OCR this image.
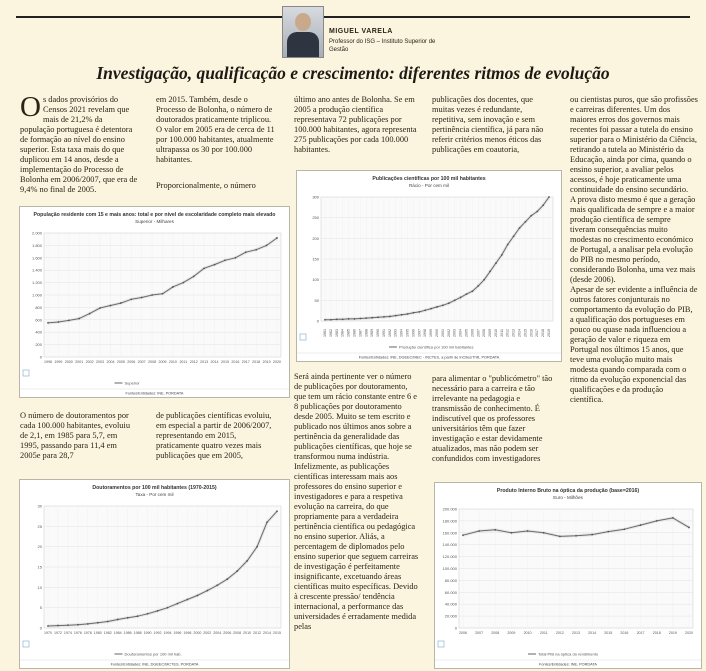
MIGUEL VARELA
Professor do ISG – Instituto Superior de Gestão
Investigação, qualificação e crescimento: diferentes ritmos de evolução
Os dados provisórios do Censos 2021 revelam que mais de 21,2% da população portuguesa é detentora de formação ao nível do ensino superior. Esta taxa mais do que duplicou em 14 anos, desde a implementação do Processo de Bolonha em 2006/2007, que era de 9,4% no final de 2005.

em 2015. Também, desde o Processo de Bolonha, o número de doutorados praticamente triplicou. O valor em 2005 era de cerca de 11 por 100.000 habitantes, atualmente ultrapassa os 30 por 100.000 habitantes.

Proporcionalmente, o número

último ano antes de Bolonha. Se em 2005 a produção científica representava 72 publicações por 100.000 habitantes, agora representa 275 publicações por cada 100.000 habitantes.

publicações dos docentes, que muitas vezes é redundante, repetitiva, sem inovação e sem pertinência científica, já para não referir critérios menos éticos das publicações em coautoria,

ou cientistas puros, que são profissões e carreiras diferentes. Um dos maiores erros dos governos mais recentes foi passar a tutela do ensino superior para o Ministério da Ciência, retirando a tutela ao Ministério da Educação, ainda por cima, quando o ensino superior, a avaliar pelos acessos, é hoje praticamente uma continuidade do ensino secundário.

A prova disto mesmo é que a geração mais qualificada de sempre e a maior produção científica de sempre tiveram consequências muito modestas no crescimento económico de Portugal, a analisar pela evolução do PIB no mesmo período, considerando Bolonha, uma vez mais (desde 2006).

Apesar de ser evidente a influência de outros fatores conjunturais no comportamento da evolução do PIB, a qualificação dos portugueses em pouco ou quase nada influenciou a geração de valor e riqueza em Portugal nos últimos 15 anos, que teve uma evolução muito mais modesta quando comparada com o ritmo da evolução exponencial das qualificações e da produção científica.

O número de doutoramentos por cada 100.000 habitantes, evoluiu de 2,1, em 1985 para 5,7, em 1995, passando para 11,4 em 2005e para 28,7

de publicações científicas evoluiu, em especial a partir de 2006/2007, representando em 2015, praticamente quatro vezes mais publicações que em 2005,

Será ainda pertinente ver o número de publicações por doutoramento, que tem um rácio constante entre 6 e 8 publicações por doutoramento desde 2005. Muito se tem escrito e publicado nos últimos anos sobre a pertinência da generalidade das publicações científicas, que hoje se transformou numa indústria. Infelizmente, as publicações científicas interessam mais aos professores do ensino superior e investigadores e para a respetiva evolução na carreira, do que propriamente para a verdadeira pertinência científica ou pedagógica no ensino superior. Aliás, a percentagem de diplomados pelo ensino superior que seguem carreiras de investigação é perfeitamente insignificante, excetuando áreas científicas muito específicas. Devido à crescente pressão/ tendência internacional, a performance das universidades é erradamente medida pelas

para alimentar o "publicómetro" tão necessário para a carreira e tão irrelevante na pedagogia e transmissão de conhecimento. É indiscutível que os professores universitários têm que fazer investigação e estar devidamente atualizados, mas não podem ser confundidos com investigadores

População residente com 15 e mais anos: total e por nível de escolaridade completo mais elevado
Superior - Milhares
0
200
400
600
800
1.000
1.200
1.400
1.600
1.800
2.000
1998 1999 2000 2001 2002 2003 2004 2005 2006 2007 2008 2009 2010 2011 2012 2013 2014 2015 2016 2017 2018 2019 2020
Superior
Fontes/Entidades: INE, PORDATA
Publicações científicas por 100 mil habitantes
Rácio - Por cem mil
0
50
100
150
200
250
300
1981 1982 1983 1984 1985 1986 1987 1988 1989 1990 1991 1992 1993 1994 1995 1996 1997 1998 1999 2000 2001 2002 2003 2004 2005 2006 2007 2008 2009 2010 2011 2012 2013 2014 2015 2016 2017 2018 2019
Produção científica por 100 mil habitantes
Fontes/Entidades: INE, DGEEC/MEC - INCTES, a partir de InCites/ThR, PORDATA
Doutoramentos por 100 mil habitantes (1970-2015)
Taxa - Por cem mil
0
5
10
15
20
25
30
1970 1972 1974 1976 1978 1980 1982 1984 1986 1988 1990 1992 1994 1996 1998 2000 2002 2004 2006 2008 2010 2012 2014 2015
Doutoramentos por 100 mil hab.
Fontes/Entidades: INE, DGEEC/MCTES, PORDATA
Produto Interno Bruto na óptica da produção (base=2016)
Euro - Milhões
0
20.000
40.000
60.000
80.000
100.000
120.000
140.000
160.000
180.000
200.000
2006 2007 2008 2009 2010 2011 2012 2013 2014 2015 2016 2017 2018 2019 2020
Total PIB na óptica do rendimento
Fontes/Entidades: INE, PORDATA
